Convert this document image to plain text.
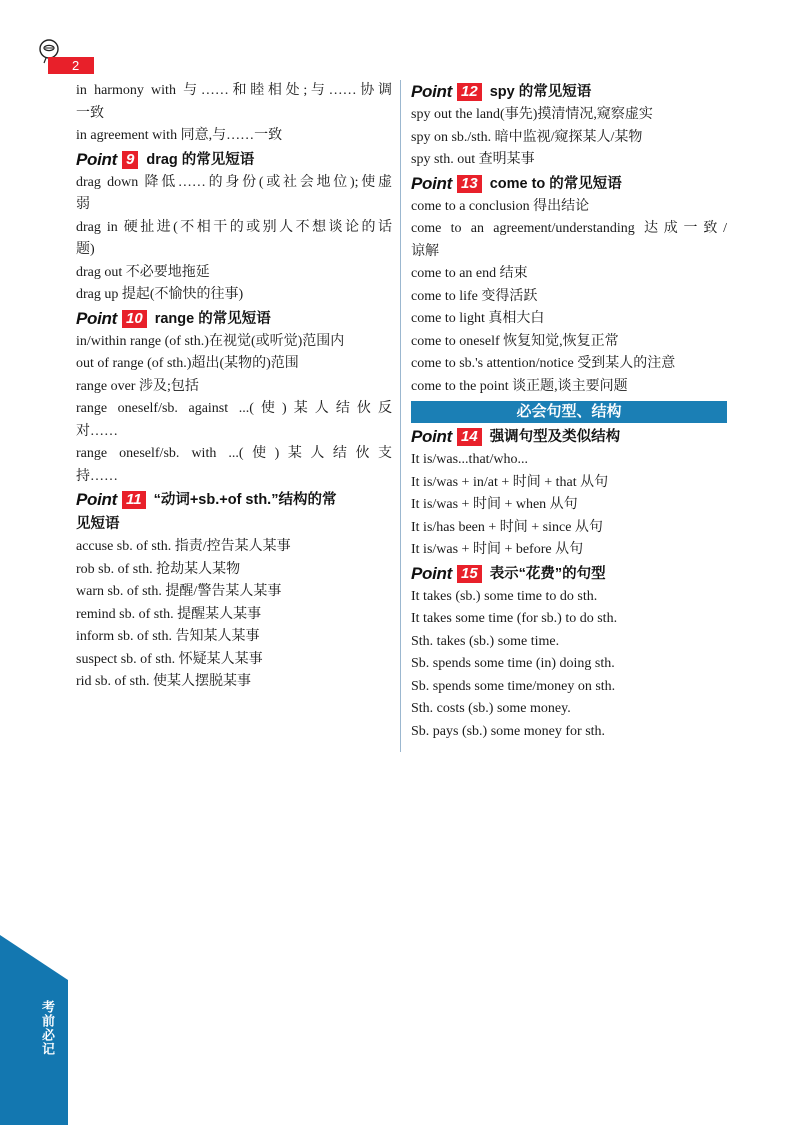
2
in harmony with 与……和睦相处;与……协调
一致
in agreement with 同意,与……一致
Point 9 drag 的常见短语
drag down 降低……的身份(或社会地位);使虚
弱
drag in 硬扯进(不相干的或别人不想谈论的话
题)
drag out 不必要地拖延
drag up 提起(不愉快的往事)
Point 10 range 的常见短语
in/within range (of sth.)在视觉(或听觉)范围内
out of range (of sth.)超出(某物的)范围
range over 涉及;包括
range oneself/sb. against ...(使)某人结伙反
对……
range oneself/sb. with ...(使)某人结伙支
持……
Point 11 “动词+sb.+of sth.”结构的常
见短语
accuse sb. of sth. 指责/控告某人某事
rob sb. of sth. 抢劫某人某物
warn sb. of sth. 提醒/警告某人某事
remind sb. of sth. 提醒某人某事
inform sb. of sth. 告知某人某事
suspect sb. of sth. 怀疑某人某事
rid sb. of sth. 使某人摆脱某事
Point 12 spy 的常见短语
spy out the land(事先)摸清情况,窥察虚实
spy on sb./sth. 暗中监视/窥探某人/某物
spy sth. out 查明某事
Point 13 come to 的常见短语
come to a conclusion 得出结论
come to an agreement/understanding 达成一致/
谅解
come to an end 结束
come to life 变得活跃
come to light 真相大白
come to oneself 恢复知觉,恢复正常
come to sb.'s attention/notice 受到某人的注意
come to the point 谈正题,谈主要问题
必会句型、结构
Point 14 强调句型及类似结构
It is/was...that/who...
It is/was + in/at + 时间 + that 从句
It is/was + 时间 + when 从句
It is/has been + 时间 + since 从句
It is/was + 时间 + before 从句
Point 15 表示“花费”的句型
It takes (sb.) some time to do sth.
It takes some time (for sb.) to do sth.
Sth. takes (sb.) some time.
Sb. spends some time (in) doing sth.
Sb. spends some time/money on sth.
Sth. costs (sb.) some money.
Sb. pays (sb.) some money for sth.
考前必记
